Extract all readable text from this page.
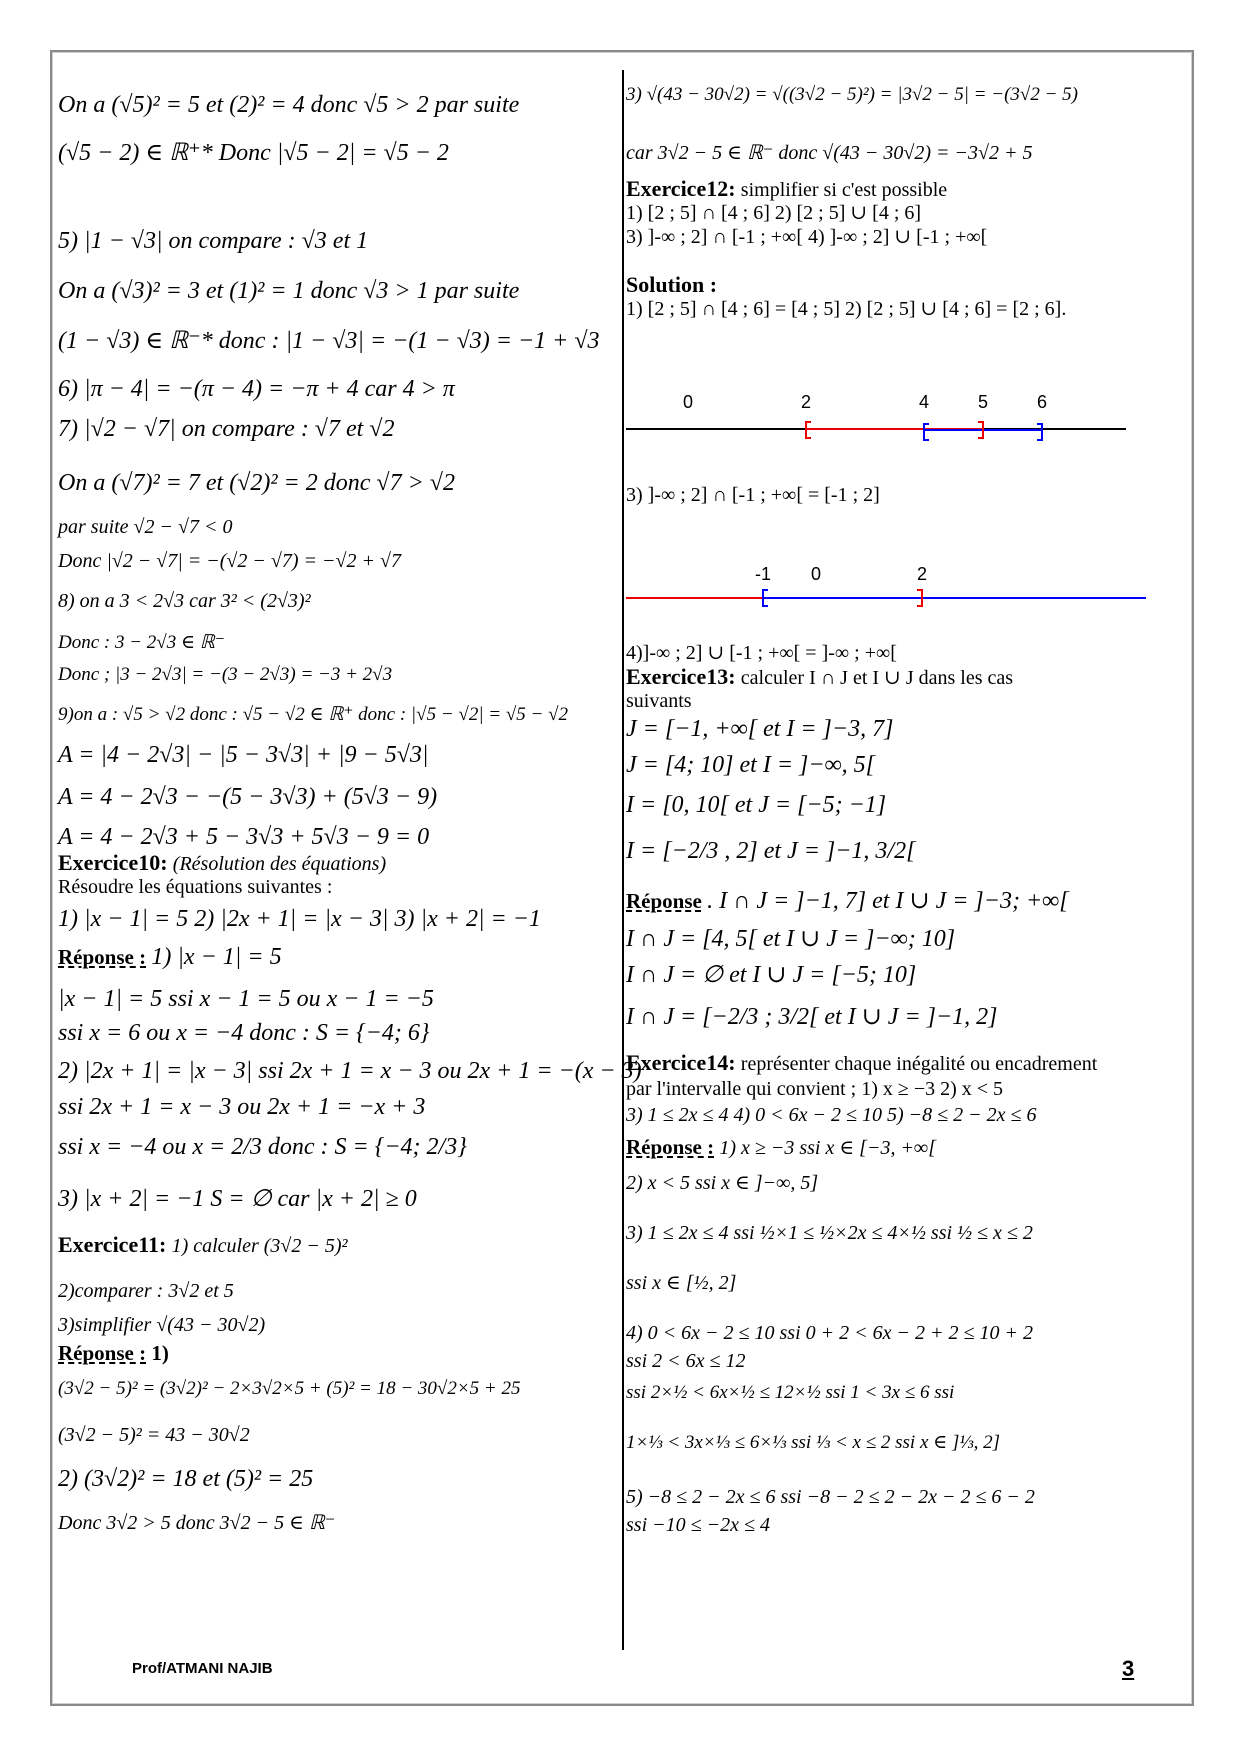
On a (√5)² = 5 et (2)² = 4 donc √5 > 2 par suite
(√5 − 2) ∈ ℝ⁺* Donc |√5 − 2| = √5 − 2
5) |1 − √3| on compare : √3 et 1
On a (√3)² = 3 et (1)² = 1 donc √3 > 1 par suite
(1 − √3) ∈ ℝ⁻* donc : |1 − √3| = −(1 − √3) = −1 + √3
6) |π − 4| = −(π − 4) = −π + 4 car 4 > π
7) |√2 − √7| on compare : √7 et √2
On a (√7)² = 7 et (√2)² = 2 donc √7 > √2
par suite √2 − √7 < 0
Donc |√2 − √7| = −(√2 − √7) = −√2 + √7
8) on a 3 < 2√3 car 3² < (2√3)²
Donc : 3 − 2√3 ∈ ℝ⁻
Donc ; |3 − 2√3| = −(3 − 2√3) = −3 + 2√3
9)on a : √5 > √2 donc : √5 − √2 ∈ ℝ⁺ donc : |√5 − √2| = √5 − √2
A = |4 − 2√3| − |5 − 3√3| + |9 − 5√3|
A = 4 − 2√3 − −(5 − 3√3) + (5√3 − 9)
A = 4 − 2√3 + 5 − 3√3 + 5√3 − 9 = 0
Exercice10: (Résolution des équations)
Résoudre les équations suivantes :
1) |x − 1| = 5 2) |2x + 1| = |x − 3| 3) |x + 2| = −1
Réponse : 1) |x − 1| = 5
|x − 1| = 5 ssi x − 1 = 5 ou x − 1 = −5
ssi x = 6 ou x = −4 donc : S = {−4; 6}
2) |2x + 1| = |x − 3| ssi 2x + 1 = x − 3 ou 2x + 1 = −(x − 3)
ssi 2x + 1 = x − 3 ou 2x + 1 = −x + 3
ssi x = −4 ou x = 2/3 donc : S = {−4; 2/3}
3) |x + 2| = −1 S = ∅ car |x + 2| ≥ 0
Exercice11: 1) calculer (3√2 − 5)²
2)comparer : 3√2 et 5
3)simplifier √(43 − 30√2)
Réponse : 1)
(3√2 − 5)² = (3√2)² − 2×3√2×5 + (5)² = 18 − 30√2×5 + 25
(3√2 − 5)² = 43 − 30√2
2) (3√2)² = 18 et (5)² = 25
Donc 3√2 > 5 donc 3√2 − 5 ∈ ℝ⁻
3) √(43 − 30√2) = √((3√2 − 5)²) = |3√2 − 5| = −(3√2 − 5)
car 3√2 − 5 ∈ ℝ⁻ donc √(43 − 30√2) = −3√2 + 5
Exercice12: simplifier si c'est possible
1) [2 ; 5] ∩ [4 ; 6] 2) [2 ; 5] ∪ [4 ; 6]
3) ]-∞ ; 2] ∩ [-1 ; +∞[ 4) ]-∞ ; 2] ∪ [-1 ; +∞[
Solution :
1) [2 ; 5] ∩ [4 ; 6] = [4 ; 5] 2) [2 ; 5] ∪ [4 ; 6] = [2 ; 6].
3) ]-∞ ; 2] ∩ [-1 ; +∞[ = [-1 ; 2]
4)]-∞ ; 2] ∪ [-1 ; +∞[ = ]-∞ ; +∞[
Exercice13: calculer I ∩ J et I ∪ J dans les cas
suivants
J = [−1, +∞[ et I = ]−3, 7]
J = [4; 10] et I = ]−∞, 5[
I = [0, 10[ et J = [−5; −1]
I = [−2/3 , 2] et J = ]−1, 3/2[
Réponse . I ∩ J = ]−1, 7] et I ∪ J = ]−3; +∞[
I ∩ J = [4, 5[ et I ∪ J = ]−∞; 10]
I ∩ J = ∅ et I ∪ J = [−5; 10]
I ∩ J = [−2/3 ; 3/2[ et I ∪ J = ]−1, 2]
Exercice14: représenter chaque inégalité ou encadrement
par l'intervalle qui convient ; 1) x ≥ −3 2) x < 5
3) 1 ≤ 2x ≤ 4 4) 0 < 6x − 2 ≤ 10 5) −8 ≤ 2 − 2x ≤ 6
Réponse : 1) x ≥ −3 ssi x ∈ [−3, +∞[
2) x < 5 ssi x ∈ ]−∞, 5]
3) 1 ≤ 2x ≤ 4 ssi ½×1 ≤ ½×2x ≤ 4×½ ssi ½ ≤ x ≤ 2
ssi x ∈ [½, 2]
4) 0 < 6x − 2 ≤ 10 ssi 0 + 2 < 6x − 2 + 2 ≤ 10 + 2
ssi 2 < 6x ≤ 12
ssi 2×½ < 6x×½ ≤ 12×½ ssi 1 < 3x ≤ 6 ssi
1×⅓ < 3x×⅓ ≤ 6×⅓ ssi ⅓ < x ≤ 2 ssi x ∈ ]⅓, 2]
5) −8 ≤ 2 − 2x ≤ 6 ssi −8 − 2 ≤ 2 − 2x − 2 ≤ 6 − 2
ssi −10 ≤ −2x ≤ 4
0	2	4	5	6
-1 0	2
Prof/ATMANI NAJIB	3
